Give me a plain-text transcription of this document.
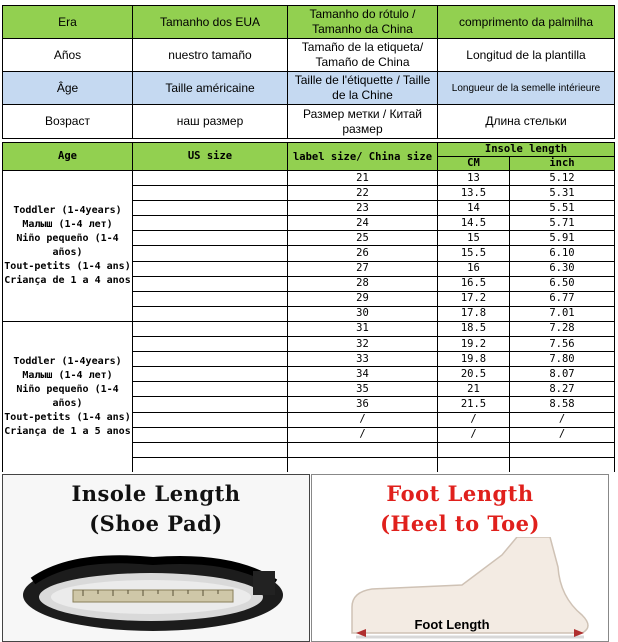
Era	Tamanho dos EUA	Tamanho do rótulo / Tamanho da China	comprimento da palmilha
Años	nuestro tamaño	Tamaño de la etiqueta/ Tamaño de China	Longitud de la plantilla
Âge	Taille américaine	Taille de l'étiquette / Taille de la Chine	Longueur de la semelle intérieure
Возраст	наш размер	Размер метки / Китай размер	Длина стельки
Age	US size	label size/ China size	Insole length	
			CM	inch

Toddler (1-4years)
Малыш (1-4 лет)
Niño pequeño (1-4 años)
Tout-petits (1-4 ans)
Criança de 1 a 4 anos		21	13	5.12
		22	13.5	5.31
		23	14	5.51
		24	14.5	5.71
		25	15	5.91
		26	15.5	6.10
		27	16	6.30
		28	16.5	6.50
		29	17.2	6.77
		30	17.8	7.01

Toddler (1-4years)
Малыш (1-4 лет)
Niño pequeño (1-4 años)
Tout-petits (1-4 ans)
Criança de 1 a 5 anos		31	18.5	7.28
		32	19.2	7.56
		33	19.8	7.80
		34	20.5	8.07
		35	21	8.27
		36	21.5	8.58
		/	/	/
		/	/	/

Insole Length
(Shoe Pad)
Foot Length
(Heel to Toe)
Foot Length
